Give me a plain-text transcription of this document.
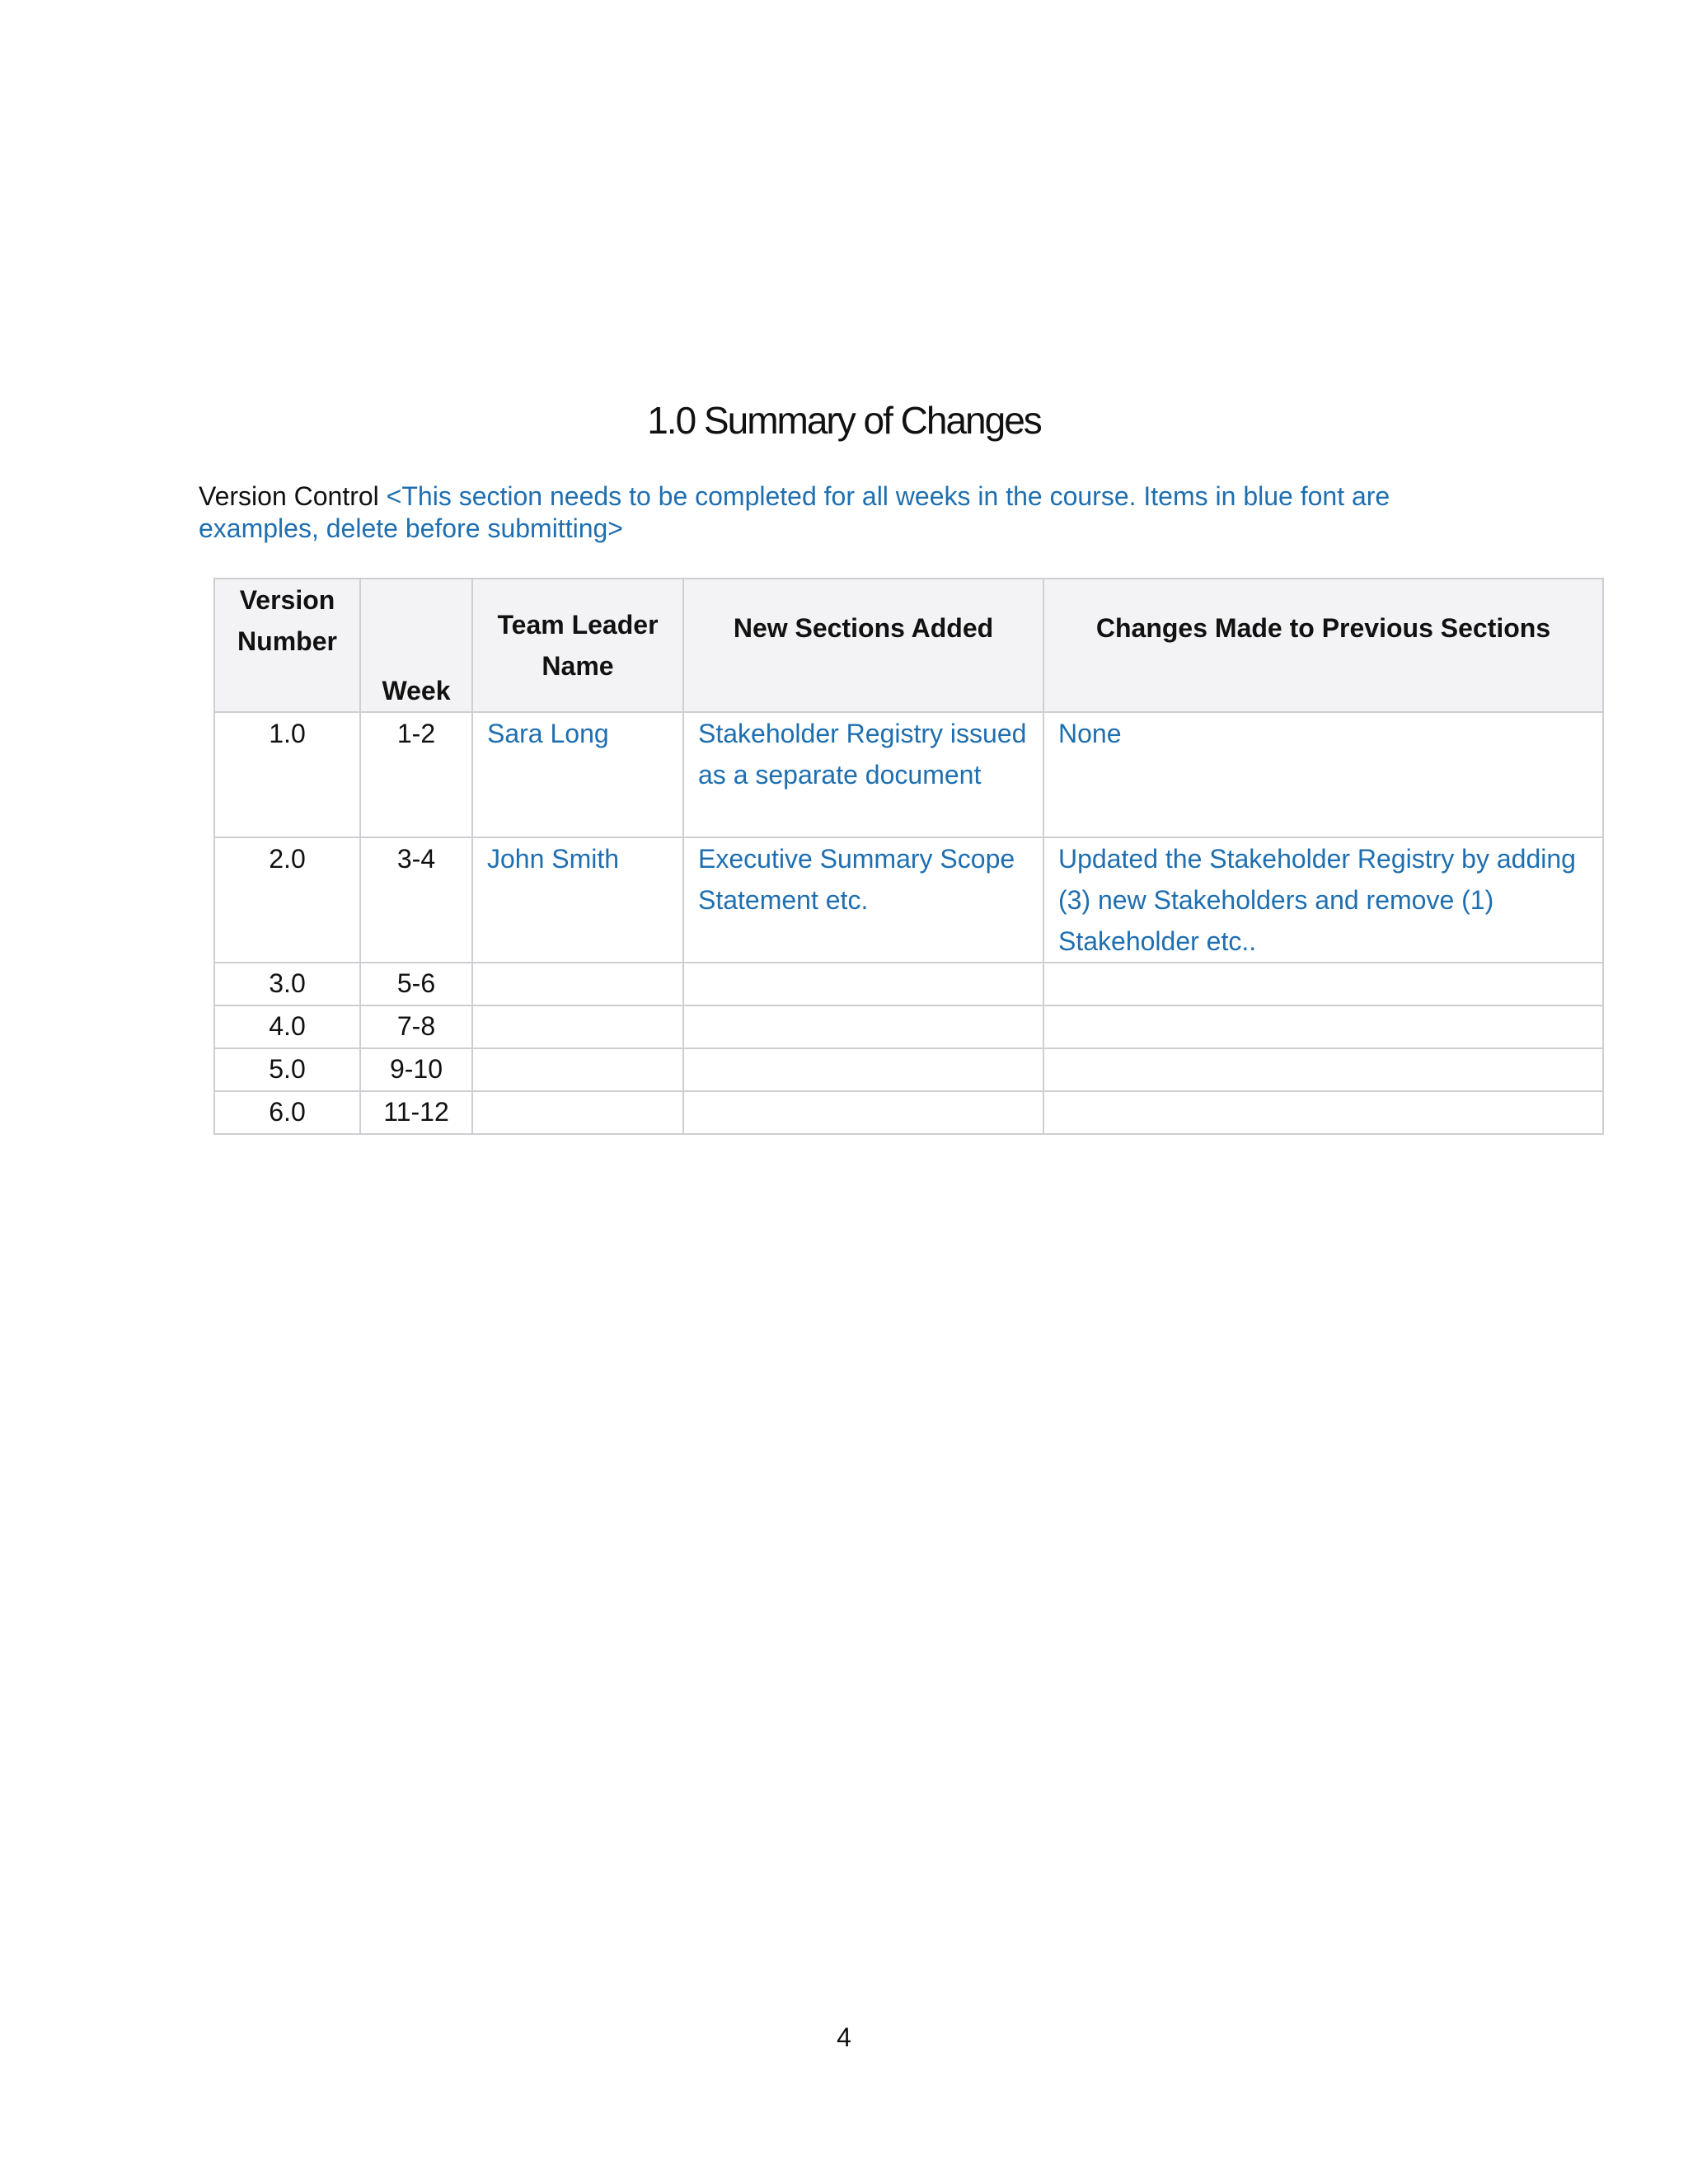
1.0 Summary of Changes
Version Control <This section needs to be completed for all weeks in the course. Items in blue font are examples, delete before submitting>
Version Number	Week	Team Leader Name	New Sections Added	Changes Made to Previous Sections
1.0	1-2	Sara Long	Stakeholder Registry issued as a separate document	None
2.0	3-4	John Smith	Executive Summary Scope Statement etc.	Updated the Stakeholder Registry by adding (3) new Stakeholders and remove (1) Stakeholder etc..
3.0	5-6			
4.0	7-8			
5.0	9-10			
6.0	11-12			
4
